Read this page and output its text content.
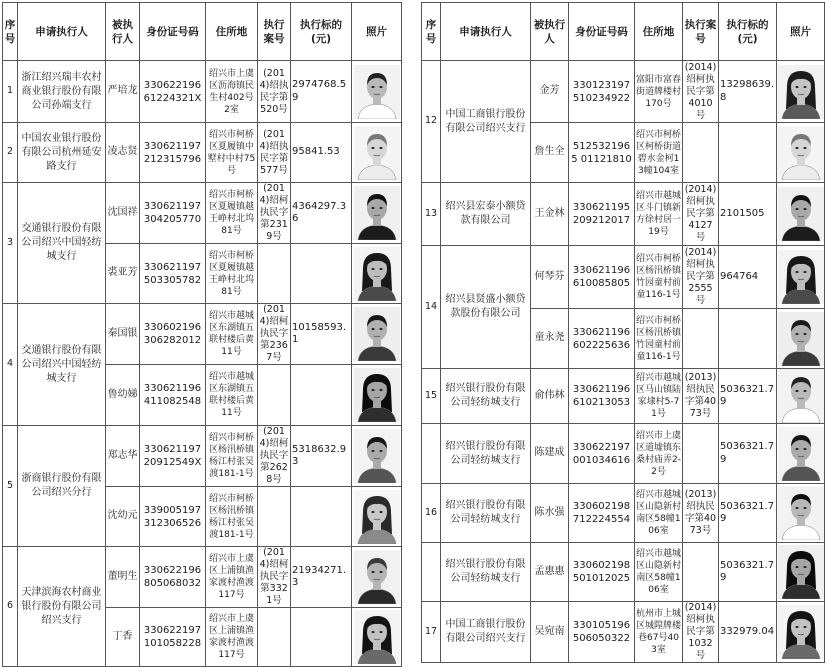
序号	申请执行人	被执行人	身份证号码	住所地	执行案号	执行标的(元)	照片
1	浙江绍兴瑞丰农村商业银行股份有限公司孙端支行	严培龙	330622196 61224321X	绍兴市上虞区沥海镇民生村402号2室	(2014)绍执民字第520号	2974768.59	

2	中国农业银行股份有限公司杭州延安路支行	凌志贤	330621197 212315796	绍兴市柯桥区夏履镇中墅村中村75号	(2014)绍执民字第577号	95841.53	

3	交通银行股份有限公司绍兴中国轻纺城支行	沈国祥	330621197 304205770	绍兴市柯桥区夏履镇越王峥村北坞81号	(2014)绍柯执民字第2319号	4364297.36	

		裘亚芳	330621197 503305782	绍兴市柯桥区夏履镇越王峥村北坞81号			

4	交通银行股份有限公司绍兴中国轻纺城支行	秦国银	330602196 306282012	绍兴市越城区东湖镇五联村楼后黄11号	(2014)绍柯执民字第2367号	10158593.1	

		鲁幼娣	330621196 411082548	绍兴市越城区东湖镇五联村楼后黄11号			

5	浙商银行股份有限公司绍兴分行	郑志华	330621197 20912549X	绍兴市柯桥区杨汛桥镇杨江村张吴渡181-1号	(2014)绍柯执民字第2628号	5318632.93	

		沈幼元	339005197 312306526	绍兴市柯桥区杨汛桥镇杨江村张吴渡181-1号			

6	天津滨海农村商业银行股份有限公司绍兴支行	董明生	330622196 805068032	绍兴市上虞区上浦镇渔家渡村渔渡117号	(2014)绍柯执民字第3321号	21934271.3	

		丁香	330622197 101058228	绍兴市上虞区上浦镇渔家渡村渔渡117号			
序号	申请执行人	被执行人	身份证号码	住所地	执行案号	执行标的(元)	照片
12	中国工商银行股份有限公司绍兴支行	金芳	330123197 510234922	富阳市富春街道牌楼村170号	(2014)绍柯执民字第4010号	13298639.8	

		詹生全	5125321965 01121810	绍兴市柯桥区柯桥街道碧水金柯13幢104室			

13	绍兴县宏泰小额贷款有限公司	王金林	330621195 209212017	绍兴市越城区斗门镇新方徐村居一19号	(2014)绍柯执民字第4127号	2101505	

14	绍兴县贤盛小额贷款股份有限公司	何琴芬	330621196 610085805	绍兴市柯桥区杨汛桥镇竹园童村前童116-1号	(2014)绍柯执民字第2555号	964764	

		童永尧	330621196 602225636	绍兴市柯桥区杨汛桥镇竹园童村前童116-1号			

15	绍兴银行股份有限公司轻纺城支行	俞伟林	330621196 610213053	绍兴市越城区马山镇陆家埭村5-71号	(2013)绍执民字第4073号	5036321.79	

	绍兴银行股份有限公司轻纺城支行	陈建成	330622197 001034616	绍兴市上虞区道墟镇东桑村庙弄2-2号		5036321.79	

16	绍兴银行股份有限公司轻纺城支行	陈水强	330602198 712224554	绍兴市越城区山隐新村南区58幢106室	(2013)绍执民字第4073号	5036321.79	

	绍兴银行股份有限公司轻纺城支行	孟惠惠	330602198 501012025	绍兴市越城区山隐新村南区58幢106室		5036321.79	

17	中国工商银行股份有限公司绍兴支行	吴宛南	330105196 506050322	杭州市上城区城隍牌楼巷67号403室	(2014)绍柯执民字第1032号	332979.04	
